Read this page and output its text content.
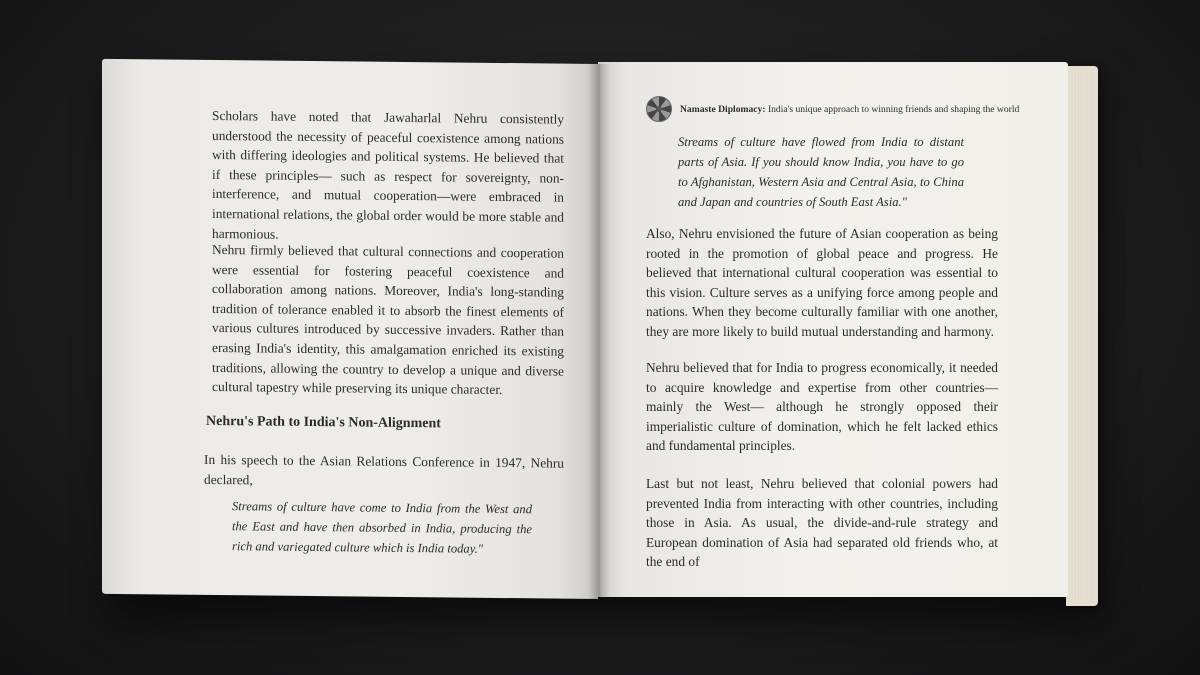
Scholars have noted that Jawaharlal Nehru consistently understood the necessity of peaceful coexistence among nations with differing ideologies and political systems. He believed that if these principles— such as respect for sovereignty, non-interference, and mutual cooperation—were embraced in international relations, the global order would be more stable and harmonious.
Nehru firmly believed that cultural connections and cooperation were essential for fostering peaceful coexistence and collaboration among nations. Moreover, India's long-standing tradition of tolerance enabled it to absorb the finest elements of various cultures introduced by successive invaders. Rather than erasing India's identity, this amalgamation enriched its existing traditions, allowing the country to develop a unique and diverse cultural tapestry while preserving its unique character.
Nehru's Path to India's Non-Alignment
In his speech to the Asian Relations Conference in 1947, Nehru declared,
Streams of culture have come to India from the West and the East and have then absorbed in India, producing the rich and variegated culture which is India today."
Namaste Diplomacy: India's unique approach to winning friends and shaping the world
Streams of culture have flowed from India to distant parts of Asia. If you should know India, you have to go to Afghanistan, Western Asia and Central Asia, to China and Japan and countries of South East Asia."
Also, Nehru envisioned the future of Asian cooperation as being rooted in the promotion of global peace and progress. He believed that international cultural cooperation was essential to this vision. Culture serves as a unifying force among people and nations. When they become culturally familiar with one another, they are more likely to build mutual understanding and harmony.
Nehru believed that for India to progress economically, it needed to acquire knowledge and expertise from other countries— mainly the West— although he strongly opposed their imperialistic culture of domination, which he felt lacked ethics and fundamental principles.
Last but not least, Nehru believed that colonial powers had prevented India from interacting with other countries, including those in Asia. As usual, the divide-and-rule strategy and European domination of Asia had separated old friends who, at the end of
